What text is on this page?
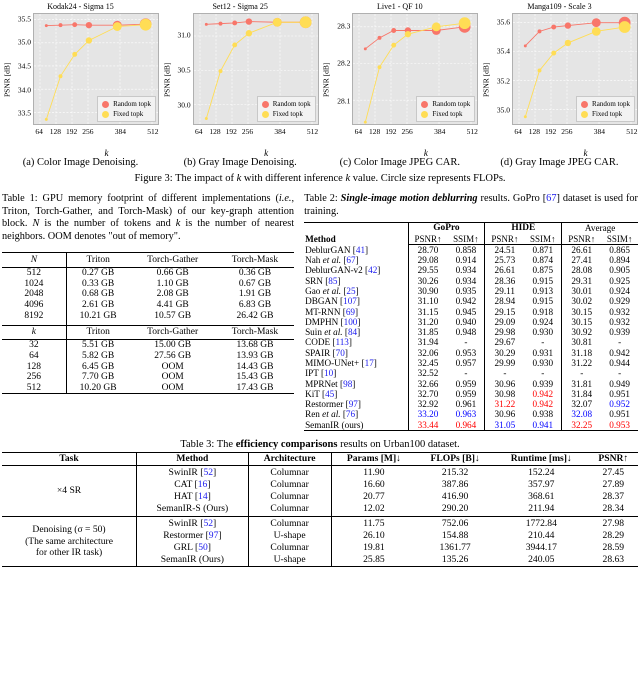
Kodak24 - Sigma 15
PSNR [dB]
33.5
34.0
34.5
35.0
35.5
Random topk
Fixed topk
64 128 192 256	384	512
k
(a) Color Image Denoising.
Set12 - Sigma 25
PSNR [dB]
30.0
30.5
31.0
Random topk
Fixed topk
64 128 192 256	384	512
k
(b) Gray Image Denoising.
Live1 - QF 10
PSNR [dB]
28.1
28.2
28.3
Random topk
Fixed topk
64 128 192 256	384	512
k
(c) Color Image JPEG CAR.
Manga109 - Scale 3
PSNR [dB]
35.0
35.2
35.4
35.6
Random topk
Fixed topk
64 128 192 256	384	512
k
(d) Gray Image JPEG CAR.
Figure 3: The impact of k with different inference k value. Circle size represents FLOPs.
Table 1: GPU memory footprint of different implementations (i.e., Triton, Torch-Gather, and Torch-Mask) of our key-graph attention block. N is the number of tokens and k is the number of nearest neighbors. OOM denotes "out of memory".
N	Triton	Torch-Gather	Torch-Mask

512	0.27 GB	0.66 GB	0.36 GB
1024	0.33 GB	1.10 GB	0.67 GB
2048	0.68 GB	2.08 GB	1.91 GB
4096	2.61 GB	4.41 GB	6.83 GB
8192	10.21 GB	10.57 GB	26.42 GB

k	Triton	Torch-Gather	Torch-Mask

32	5.51 GB	15.00 GB	13.68 GB
64	5.82 GB	27.56 GB	13.93 GB
128	6.45 GB	OOM	14.43 GB
256	7.70 GB	OOM	15.43 GB
512	10.20 GB	OOM	17.43 GB
Table 2: Single-image motion deblurring results. GoPro [67] dataset is used for training.
Method	GoPro		HIDE		Average	
	PSNR↑	SSIM↑	PSNR↑	SSIM↑	PSNR↑	SSIM↑
DeblurGAN [41]	28.70	0.858	24.51	0.871	26.61	0.865
Nah et al. [67]	29.08	0.914	25.73	0.874	27.41	0.894
DeblurGAN-v2 [42]	29.55	0.934	26.61	0.875	28.08	0.905
SRN [85]	30.26	0.934	28.36	0.915	29.31	0.925
Gao et al. [25]	30.90	0.935	29.11	0.913	30.01	0.924
DBGAN [107]	31.10	0.942	28.94	0.915	30.02	0.929
MT-RNN [69]	31.15	0.945	29.15	0.918	30.15	0.932
DMPHN [100]	31.20	0.940	29.09	0.924	30.15	0.932
Suin et al. [84]	31.85	0.948	29.98	0.930	30.92	0.939
CODE [113]	31.94	-	29.67	-	30.81	-
SPAIR [70]	32.06	0.953	30.29	0.931	31.18	0.942
MIMO-UNet+ [17]	32.45	0.957	29.99	0.930	31.22	0.944
IPT [10]	32.52	-	-	-	-	-
MPRNet [98]	32.66	0.959	30.96	0.939	31.81	0.949
KiT [45]	32.70	0.959	30.98	0.942	31.84	0.951
Restormer [97]	32.92	0.961	31.22	0.942	32.07	0.952
Ren et al. [76]	33.20	0.963	30.96	0.938	32.08	0.951
SemanIR (ours)	33.44	0.964	31.05	0.941	32.25	0.953
Table 3: The efficiency comparisons results on Urban100 dataset.
Task	Method	Architecture	Params [M]↓	FLOPs [B]↓	Runtime [ms]↓	PSNR↑
×4 SR	SwinIR [52]	Columnar	11.90	215.32	152.24	27.45
	CAT [16]	Columnar	16.60	387.86	357.97	27.89
	HAT [14]	Columnar	20.77	416.90	368.61	28.37
	SemanIR-S (Ours)	Columnar	12.02	290.20	211.94	28.34

Denoising (σ = 50)
(The same architecture
for other IR task)	SwinIR [52]	Columnar	11.75	752.06	1772.84	27.98
	Restormer [97]	U-shape	26.10	154.88	210.44	28.29
	GRL [50]	Columnar	19.81	1361.77	3944.17	28.59
	SemanIR (Ours)	U-shape	25.85	135.26	240.05	28.63
